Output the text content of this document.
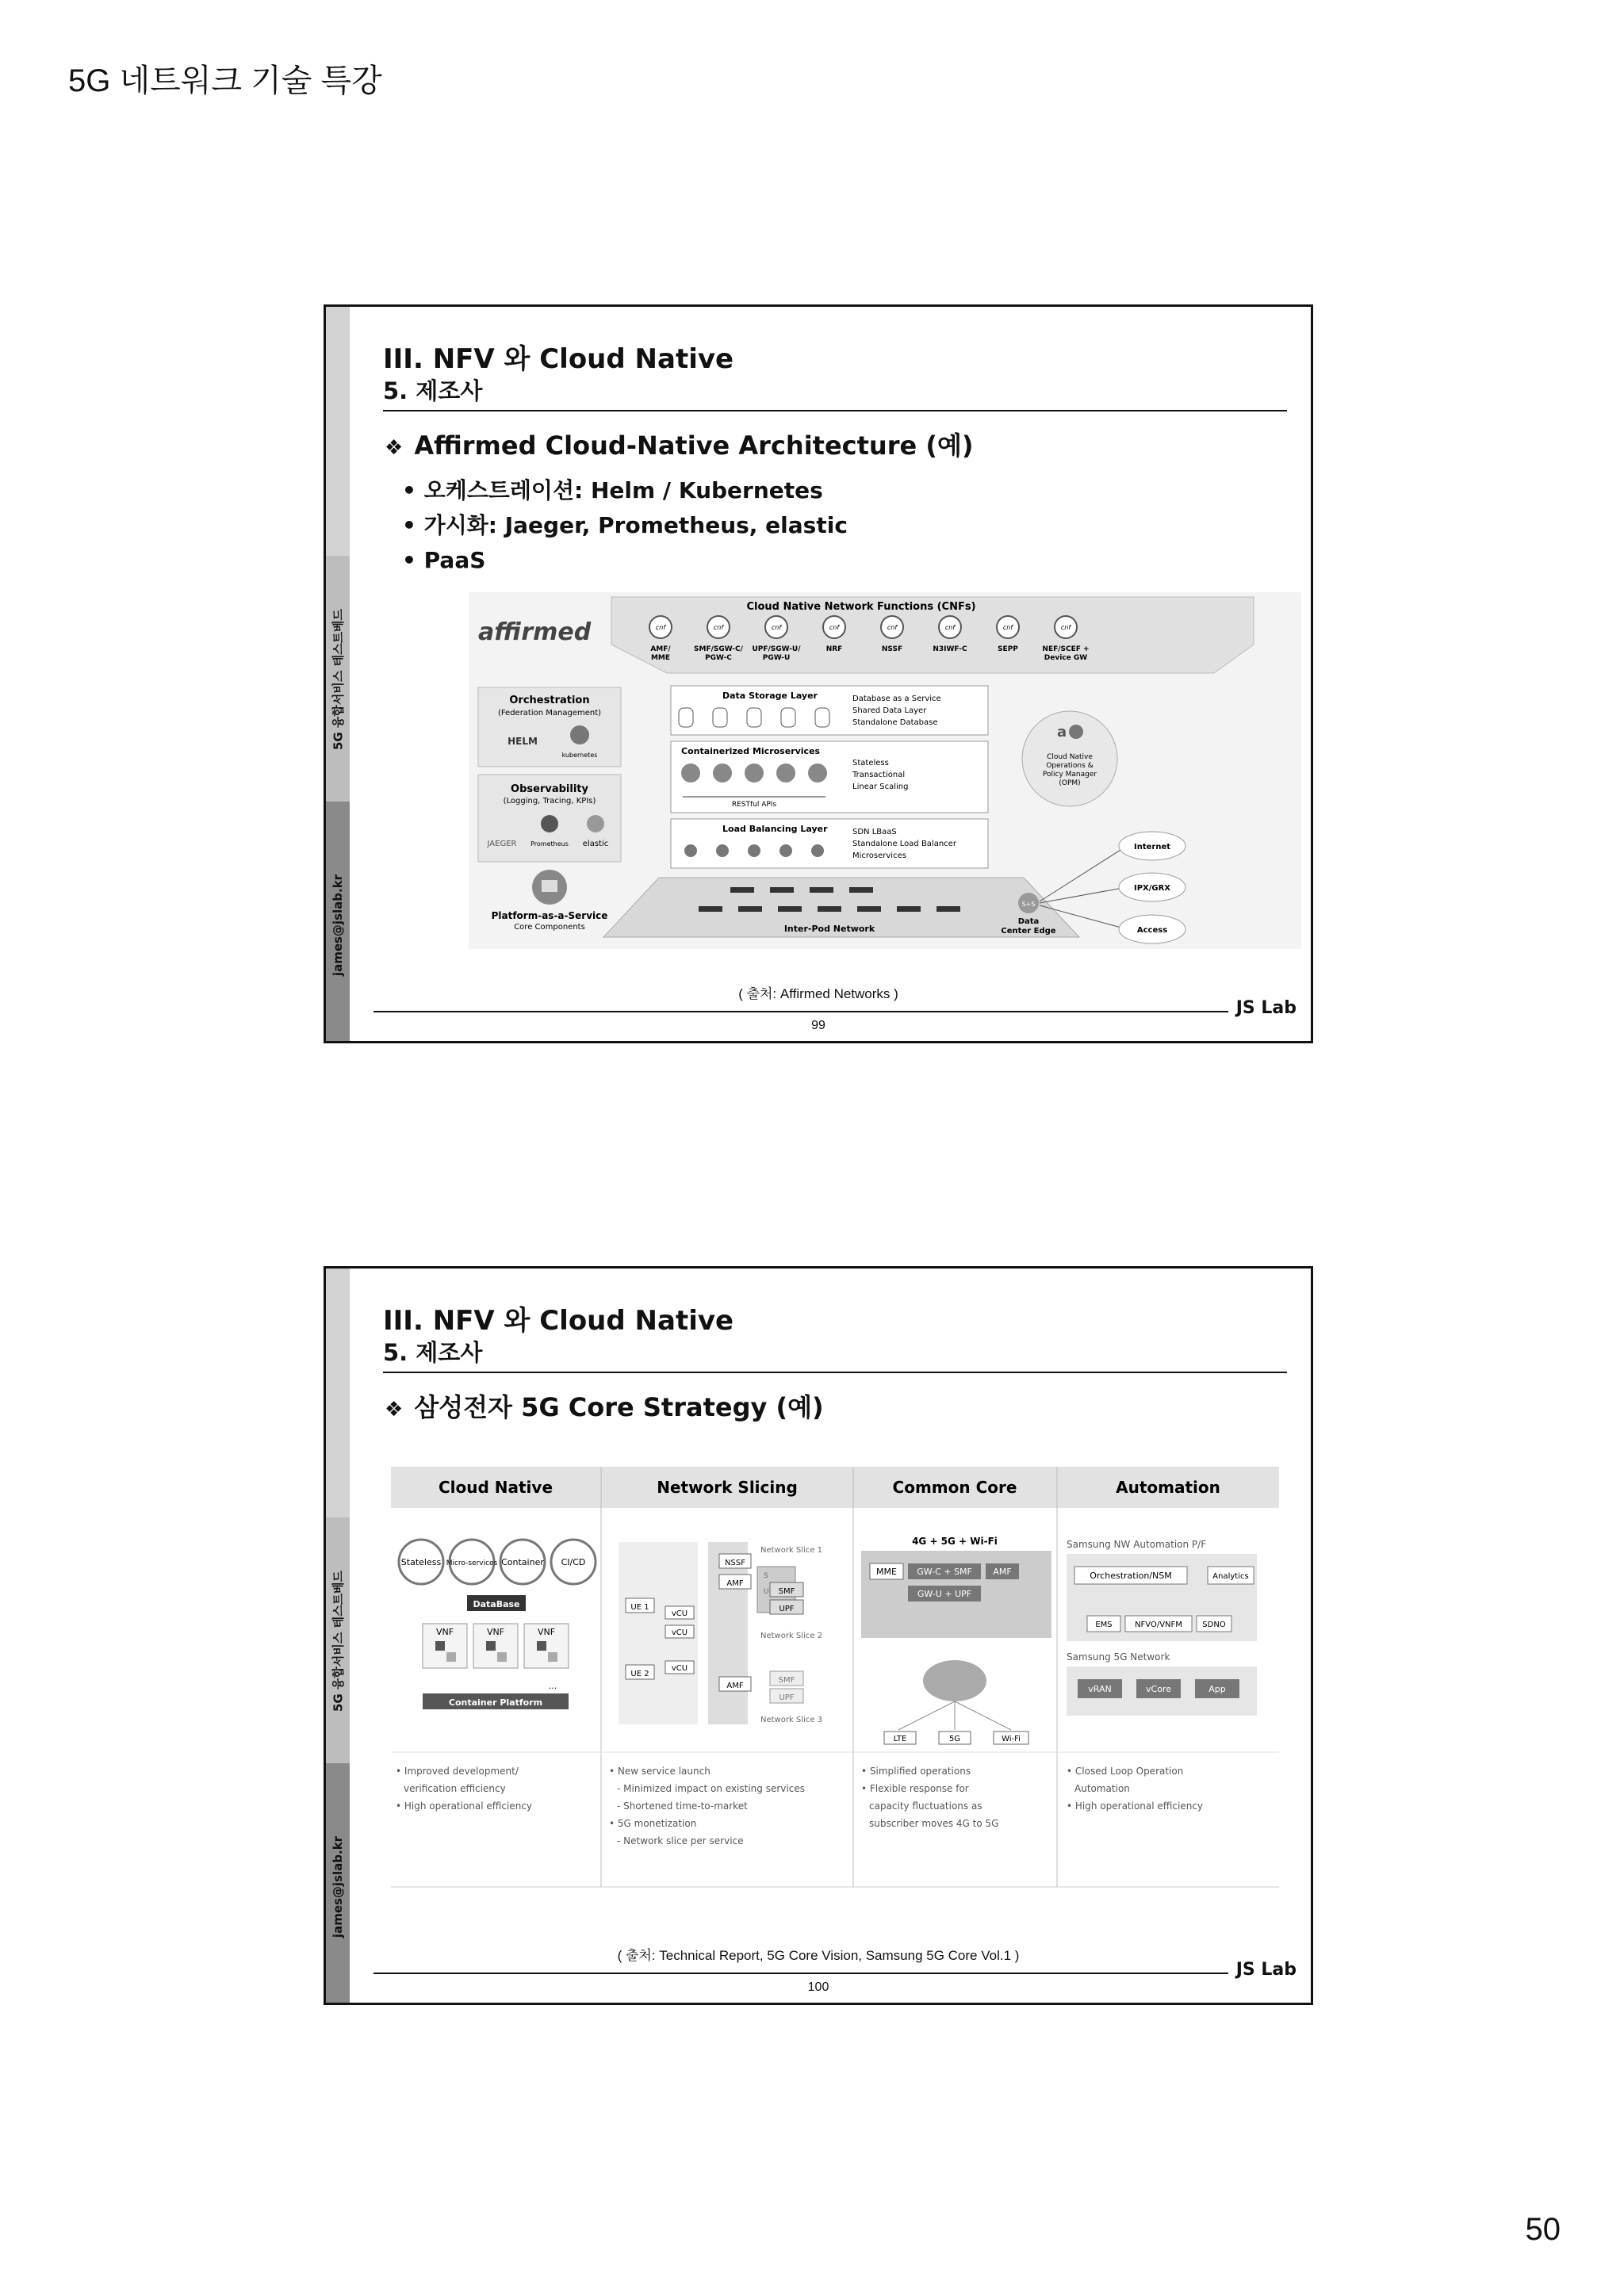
5G 네트워크 기술 특강
5G 융합서비스 테스트베드
james@jslab.kr
III. NFV 와 Cloud Native
5. 제조사
❖ Affirmed Cloud-Native Architecture (예)
• 오케스트레이션: Helm / Kubernetes
• 가시화: Jaeger, Prometheus, elastic
• PaaS
affirmed
Cloud Native Network Functions (CNFs)
cnf
AMF/
MME
cnf
SMF/SGW-C/
PGW-C
cnf
UPF/SGW-U/
PGW-U
cnf
NRF
cnf
NSSF
cnf
N3IWF-C
cnf
SEPP
cnf
NEF/SCEF +
Device GW
Orchestration
(Federation Management)
HELM
kubernetes
Observability
(Logging, Tracing, KPIs)
JAEGER Prometheus elastic
Platform-as-a-Service
Core Components
Data Storage Layer	Database as a Service
Shared Data Layer
Standalone Database
Containerized Microservices
RESTful APIs
Stateless
Transactional
Linear Scaling
Load Balancing Layer	SDN LBaaS
Standalone Load Balancer
Microservices
a
Cloud Native
Operations &
Policy Manager
(OPM)
Inter-Pod Network
S+S
Data
Center Edge
Internet
IPX/GRX
Access
( 출처: Affirmed Networks )
99
JS Lab
5G 융합서비스 테스트베드
james@jslab.kr
III. NFV 와 Cloud Native
5. 제조사
❖ 삼성전자 5G Core Strategy (예)
Cloud Native	Network Slicing	Common Core	Automation
Stateless Micro-services Container CI/CD
DataBase
VNF	VNF	VNF
Container Platform
...
• Improved development/
verification efficiency
• High operational efficiency
NSSF
Network Slice 1
AMF
S
U SMF
UPF
Network Slice 2
UE 1
UE 2
vCU
vCU
vCU
AMF
SMF
UPF
Network Slice 3
• New service launch
- Minimized impact on existing services
- Shortened time-to-market
• 5G monetization
- Network slice per service
4G + 5G + Wi-Fi
MME GW-C + SMF AMF
GW-U + UPF
LTE	5G	Wi-Fi
• Simplified operations
• Flexible response for
capacity fluctuations as
subscriber moves 4G to 5G
Samsung NW Automation P/F
Orchestration/NSM	Analytics
EMS	NFVO/VNFM	SDNO
Samsung 5G Network
vRAN	vCore	App
• Closed Loop Operation
Automation
• High operational efficiency
( 출처: Technical Report, 5G Core Vision, Samsung 5G Core Vol.1 )
100
JS Lab
50
